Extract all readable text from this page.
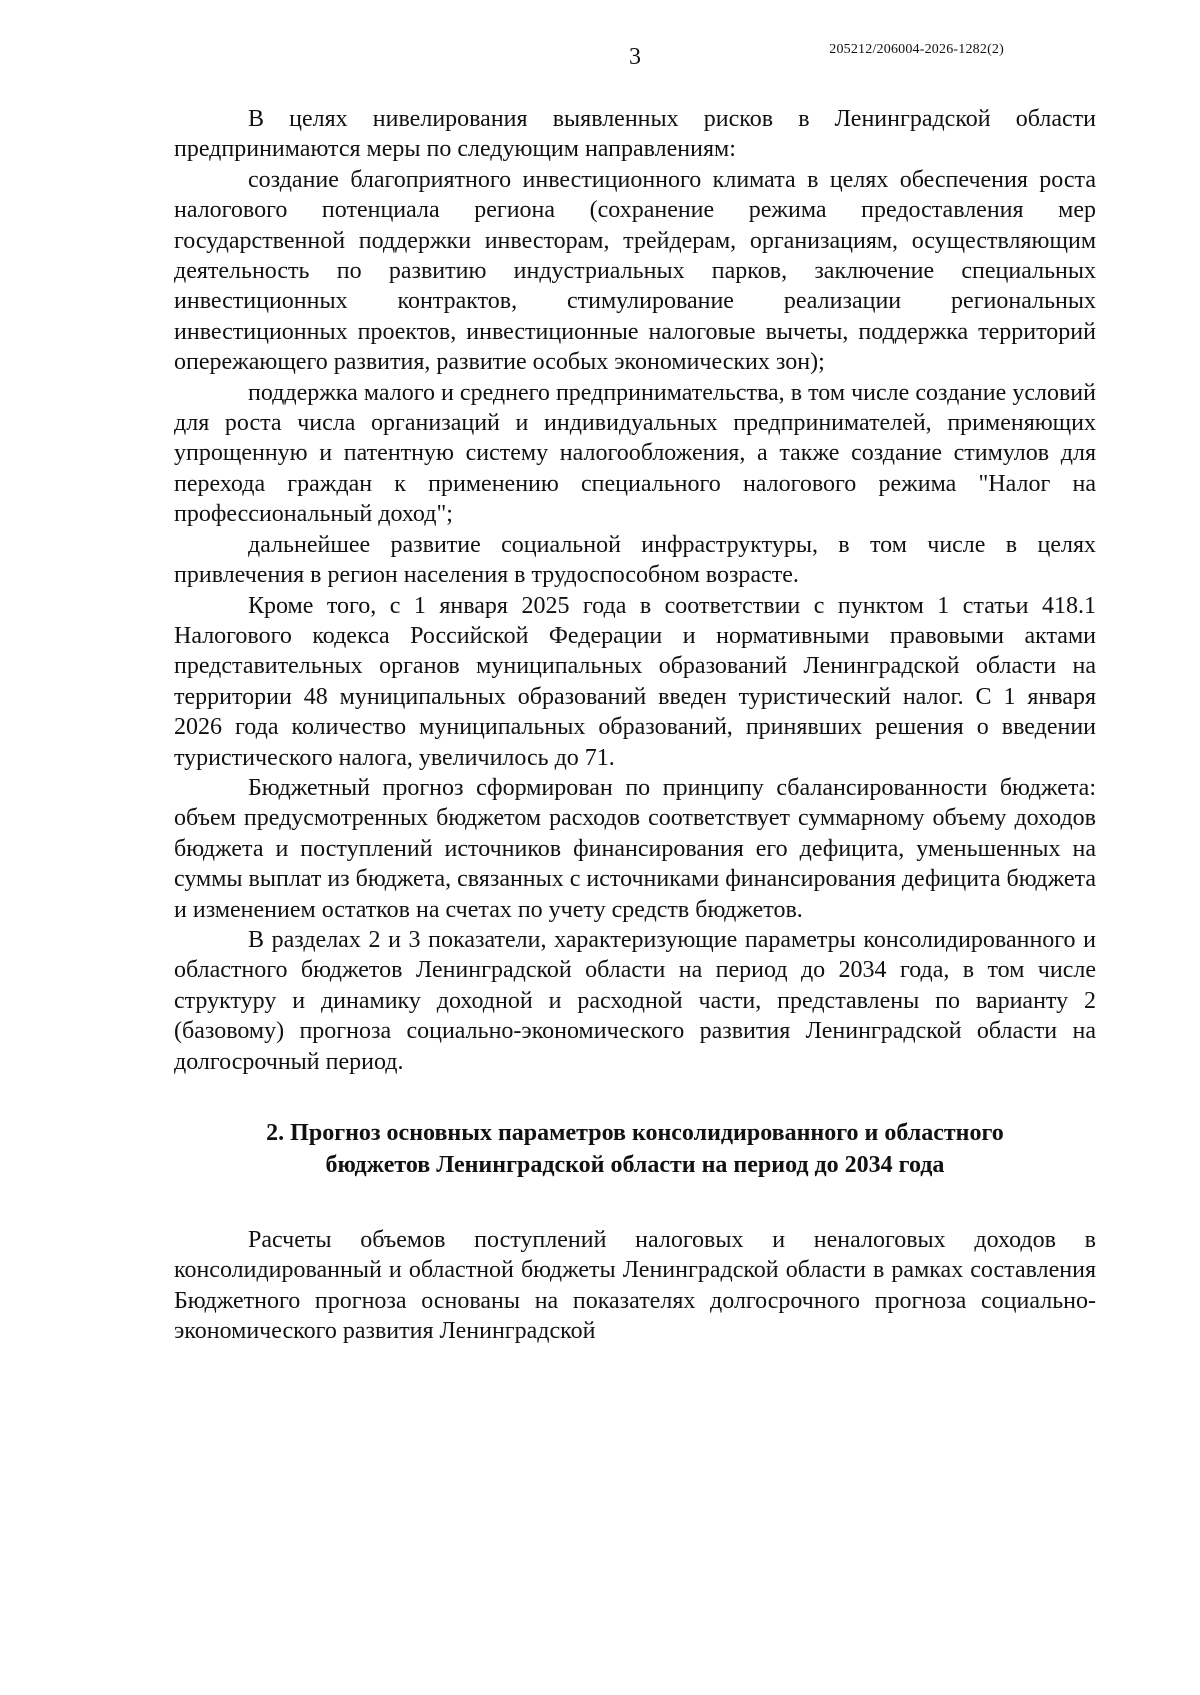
3	205212/206004-2026-1282(2)

В целях нивелирования выявленных рисков в Ленинградской области предпринимаются меры по следующим направлениям:

создание благоприятного инвестиционного климата в целях обеспечения роста налогового потенциала региона (сохранение режима предоставления мер государственной поддержки инвесторам, трейдерам, организациям, осуществляющим деятельность по развитию индустриальных парков, заключение специальных инвестиционных контрактов, стимулирование реализации региональных инвестиционных проектов, инвестиционные налоговые вычеты, поддержка территорий опережающего развития, развитие особых экономических зон);

поддержка малого и среднего предпринимательства, в том числе создание условий для роста числа организаций и индивидуальных предпринимателей, применяющих упрощенную и патентную систему налогообложения, а также создание стимулов для перехода граждан к применению специального налогового режима "Налог на профессиональный доход";

дальнейшее развитие социальной инфраструктуры, в том числе в целях привлечения в регион населения в трудоспособном возрасте.

Кроме того, с 1 января 2025 года в соответствии с пунктом 1 статьи 418.1 Налогового кодекса Российской Федерации и нормативными правовыми актами представительных органов муниципальных образований Ленинградской области на территории 48 муниципальных образований введен туристический налог. С 1 января 2026 года количество муниципальных образований, принявших решения о введении туристического налога, увеличилось до 71.

Бюджетный прогноз сформирован по принципу сбалансированности бюджета: объем предусмотренных бюджетом расходов соответствует суммарному объему доходов бюджета и поступлений источников финансирования его дефицита, уменьшенных на суммы выплат из бюджета, связанных с источниками финансирования дефицита бюджета и изменением остатков на счетах по учету средств бюджетов.

В разделах 2 и 3 показатели, характеризующие параметры консолидированного и областного бюджетов Ленинградской области на период до 2034 года, в том числе структуру и динамику доходной и расходной части, представлены по варианту 2 (базовому) прогноза социально-экономического развития Ленинградской области на долгосрочный период.

2. Прогноз основных параметров консолидированного и областного
бюджетов Ленинградской области на период до 2034 года

Расчеты объемов поступлений налоговых и неналоговых доходов в консолидированный и областной бюджеты Ленинградской области в рамках составления Бюджетного прогноза основаны на показателях долгосрочного прогноза социально-экономического развития Ленинградской
